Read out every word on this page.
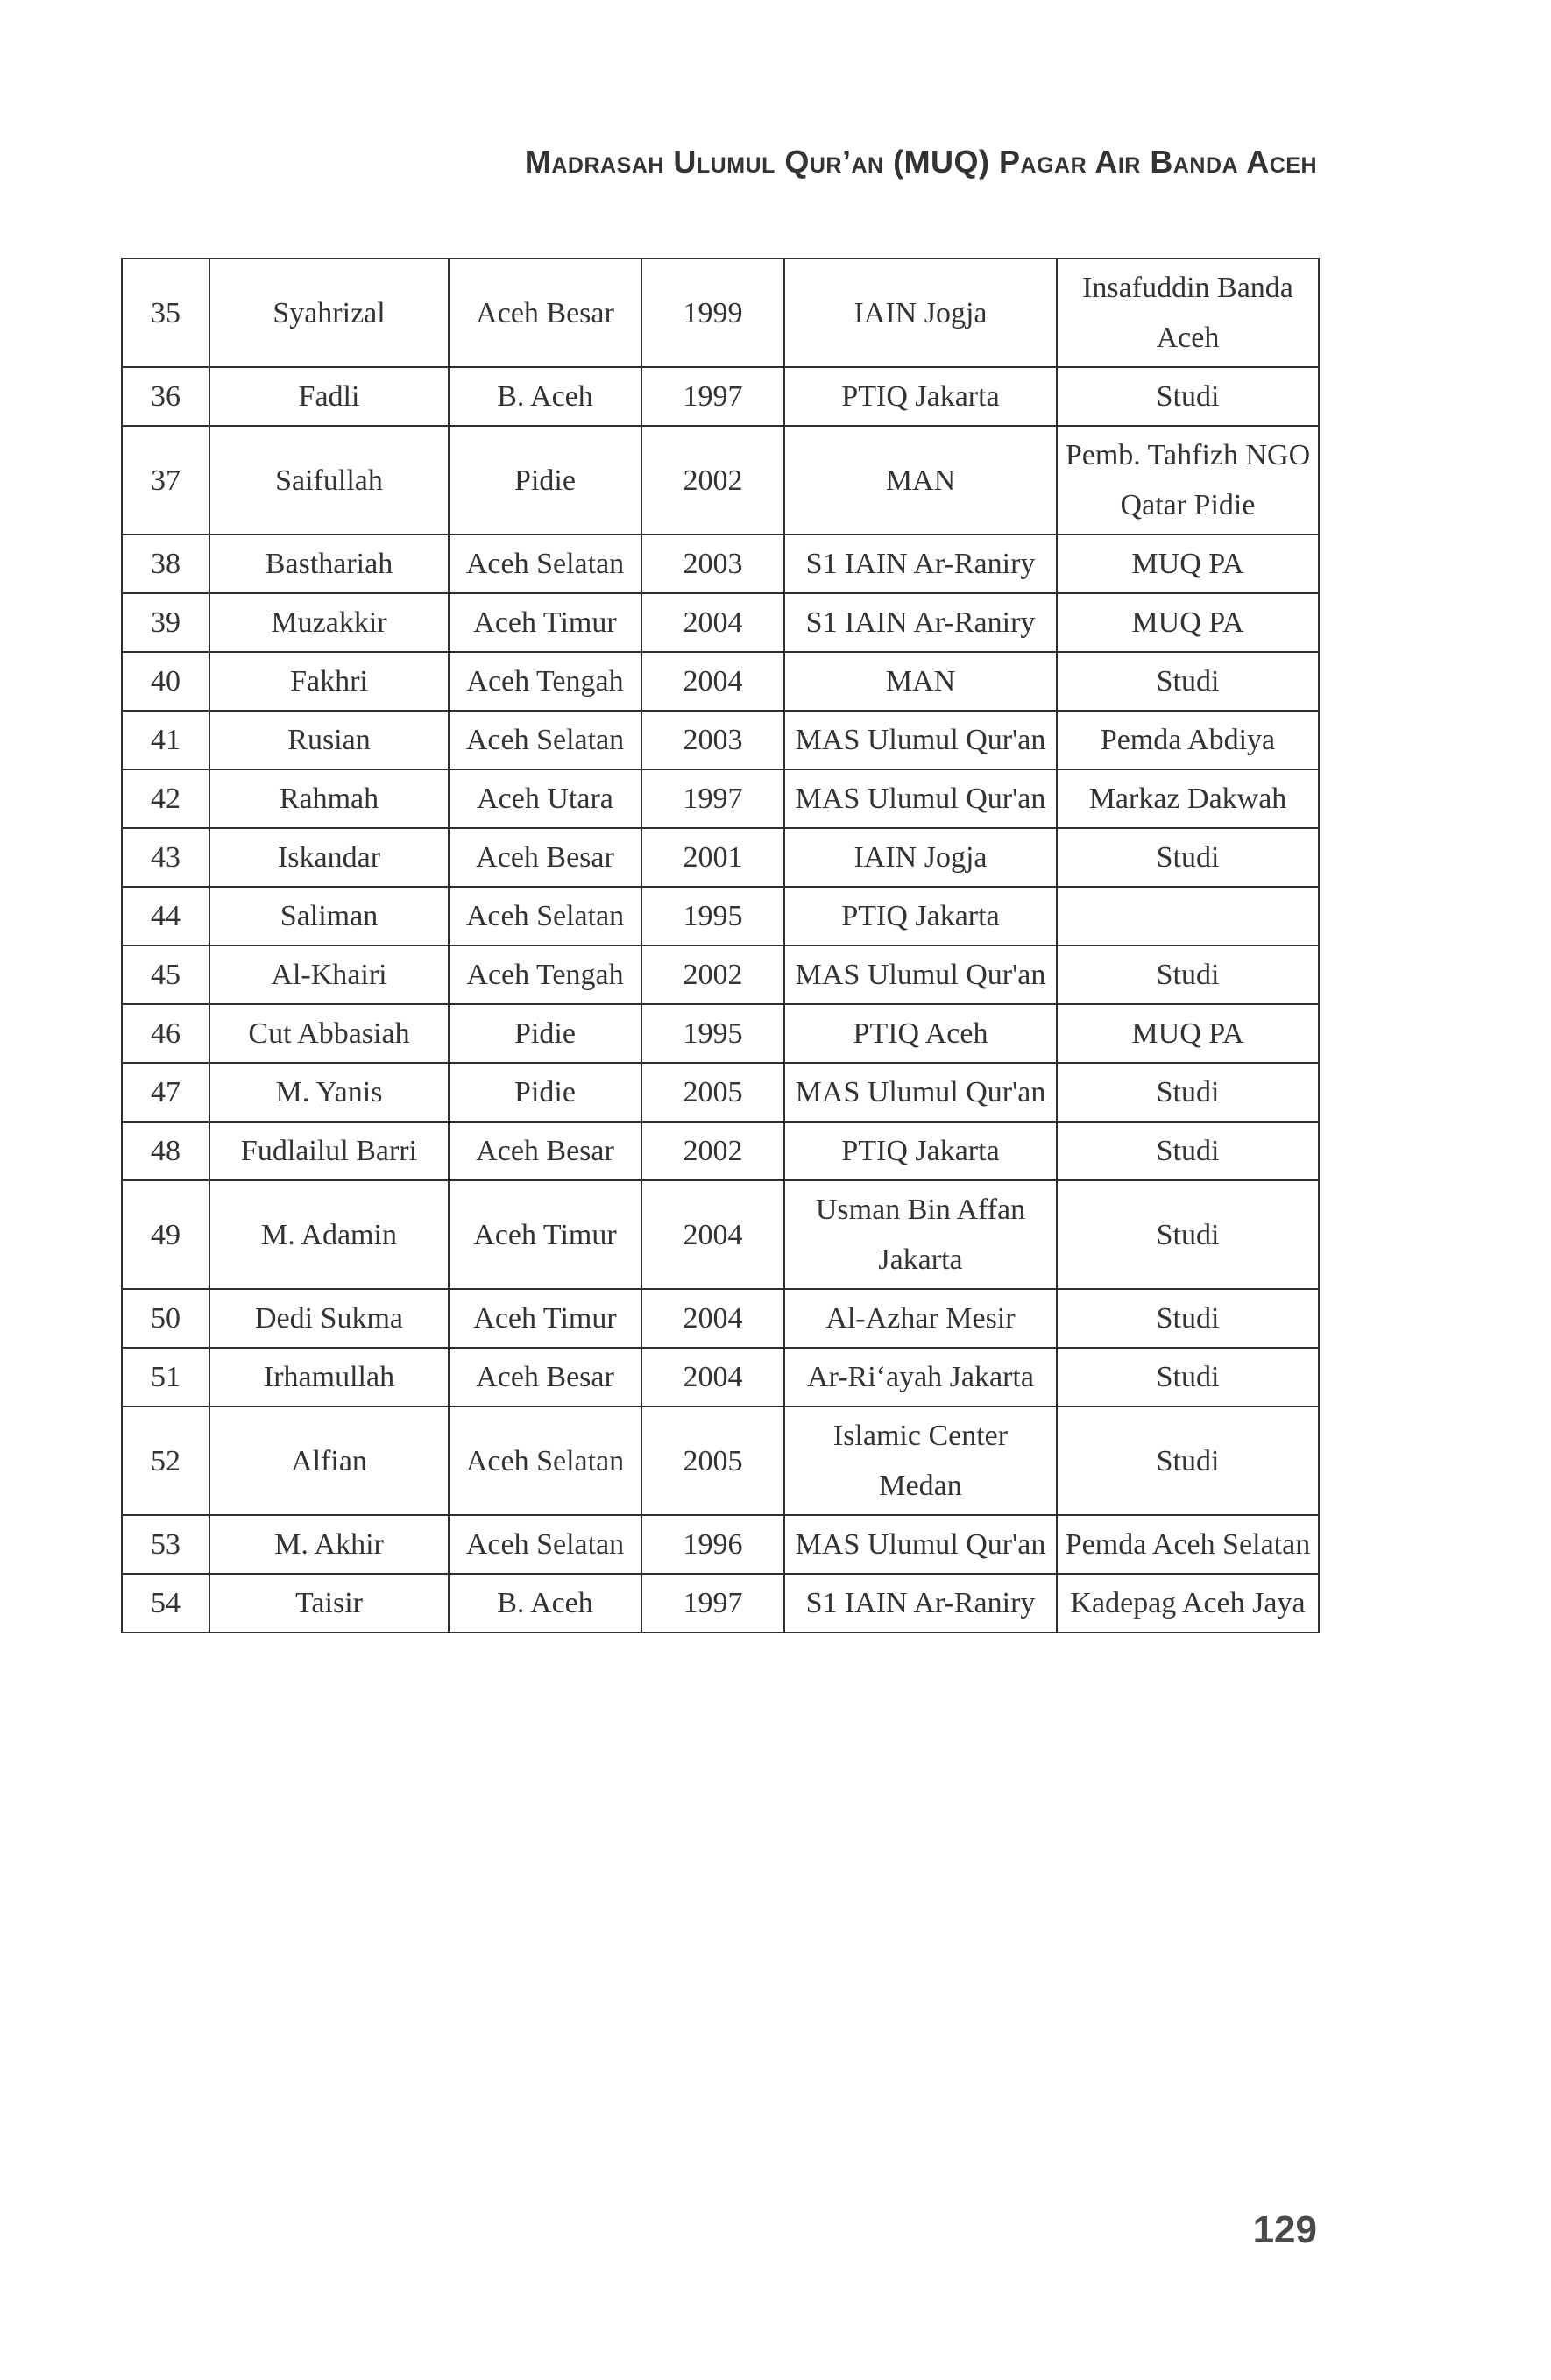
Madrasah Ulumul Qur’an (MUQ) Pagar Air Banda Aceh
35	Syahrizal	Aceh Besar	1999	IAIN Jogja	Insafuddin Banda Aceh
36	Fadli	B. Aceh	1997	PTIQ Jakarta	Studi
37	Saifullah	Pidie	2002	MAN	Pemb. Tahfizh NGO Qatar Pidie
38	Basthariah	Aceh Selatan	2003	S1 IAIN Ar-Raniry	MUQ PA
39	Muzakkir	Aceh Timur	2004	S1 IAIN Ar-Raniry	MUQ PA
40	Fakhri	Aceh Tengah	2004	MAN	Studi
41	Rusian	Aceh Selatan	2003	MAS Ulumul Qur'an	Pemda Abdiya
42	Rahmah	Aceh Utara	1997	MAS Ulumul Qur'an	Markaz Dakwah
43	Iskandar	Aceh Besar	2001	IAIN Jogja	Studi
44	Saliman	Aceh Selatan	1995	PTIQ Jakarta	
45	Al-Khairi	Aceh Tengah	2002	MAS Ulumul Qur'an	Studi
46	Cut Abbasiah	Pidie	1995	PTIQ Aceh	MUQ PA
47	M. Yanis	Pidie	2005	MAS Ulumul Qur'an	Studi
48	Fudlailul Barri	Aceh Besar	2002	PTIQ Jakarta	Studi
49	M. Adamin	Aceh Timur	2004	Usman Bin Affan Jakarta	Studi
50	Dedi Sukma	Aceh Timur	2004	Al-Azhar Mesir	Studi
51	Irhamullah	Aceh Besar	2004	Ar-Ri‘ayah Jakarta	Studi
52	Alfian	Aceh Selatan	2005	Islamic Center Medan	Studi
53	M. Akhir	Aceh Selatan	1996	MAS Ulumul Qur'an	Pemda Aceh Selatan
54	Taisir	B. Aceh	1997	S1 IAIN Ar-Raniry	Kadepag Aceh Jaya
129
